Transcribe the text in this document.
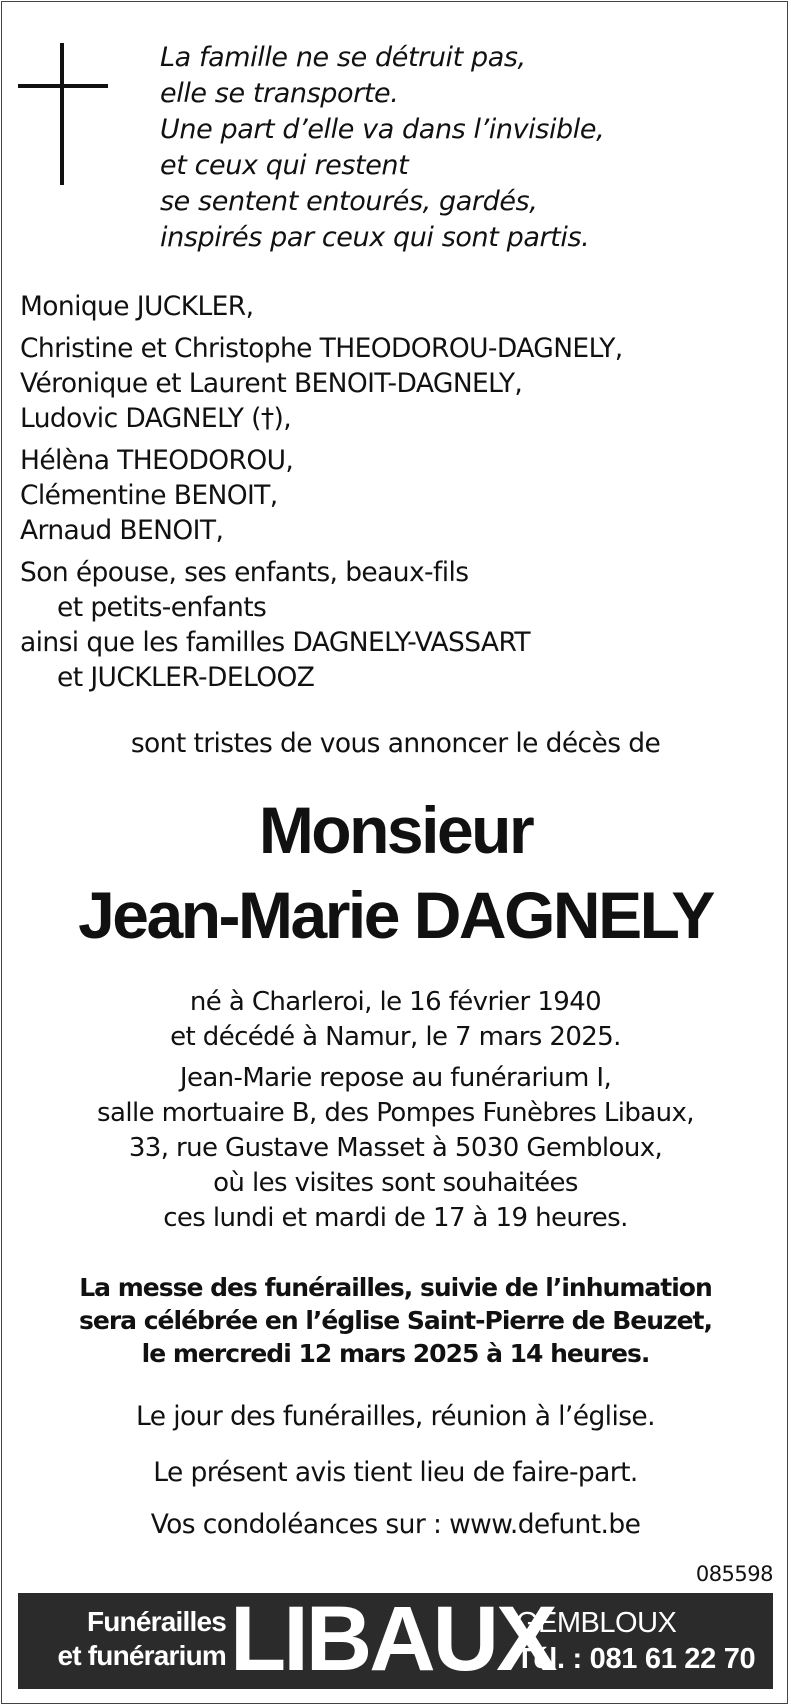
La famille ne se détruit pas,
elle se transporte.
Une part d’elle va dans l’invisible,
et ceux qui restent
se sentent entourés, gardés,
inspirés par ceux qui sont partis.
Monique JUCKLER,
Christine et Christophe THEODOROU-DAGNELY,
Véronique et Laurent BENOIT-DAGNELY,
Ludovic DAGNELY (†),
Hélèna THEODOROU,
Clémentine BENOIT,
Arnaud BENOIT,
Son épouse, ses enfants, beaux-fils
et petits-enfants
ainsi que les familles DAGNELY-VASSART
et JUCKLER-DELOOZ
sont tristes de vous annoncer le décès de
Monsieur
Jean-Marie DAGNELY
né à Charleroi, le 16 février 1940
et décédé à Namur, le 7 mars 2025.
Jean-Marie repose au funérarium I,
salle mortuaire B, des Pompes Funèbres Libaux,
33, rue Gustave Masset à 5030 Gembloux,
où les visites sont souhaitées
ces lundi et mardi de 17 à 19 heures.
La messe des funérailles, suivie de l’inhumation
sera célébrée en l’église Saint-Pierre de Beuzet,
le mercredi 12 mars 2025 à 14 heures.
Le jour des funérailles, réunion à l’église.
Le présent avis tient lieu de faire-part.
Vos condoléances sur : www.defunt.be
085598
Funérailles
et funérarium LIBAUX
GEMBLOUX
Tél. : 081 61 22 70
